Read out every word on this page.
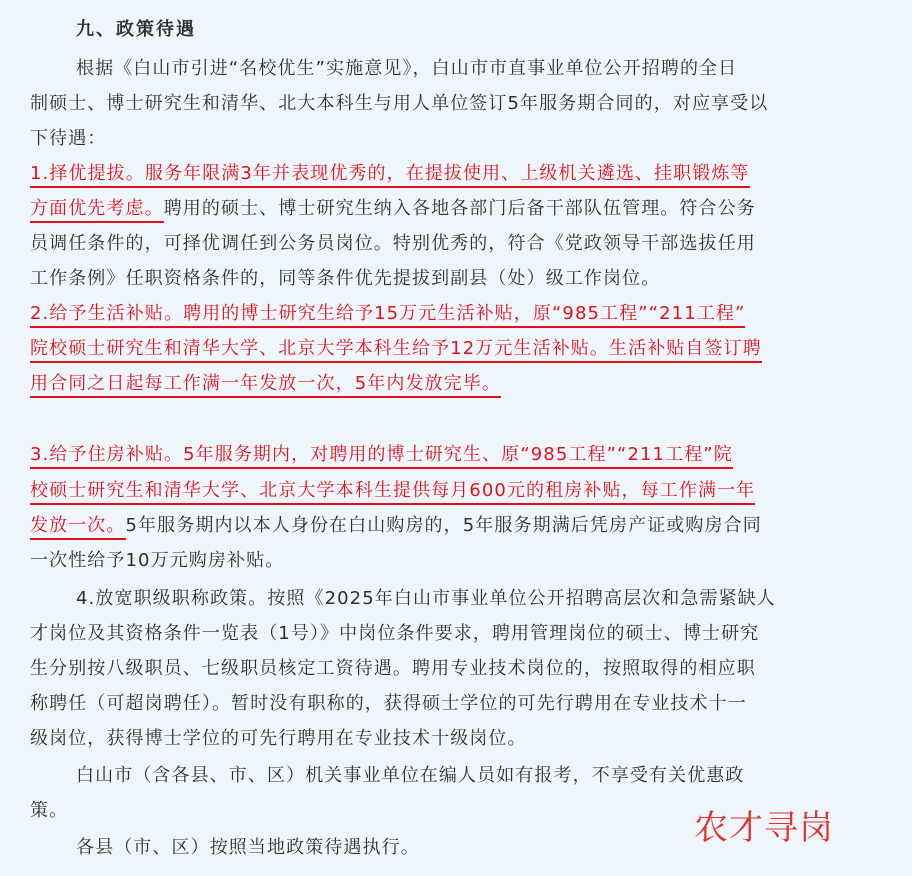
九、政策待遇
根据《白山市引进“名校优生”实施意见》，白山市市直事业单位公开招聘的全日
制硕士、博士研究生和清华、北大本科生与用人单位签订5年服务期合同的，对应享受以
下待遇：
1.择优提拔。服务年限满3年并表现优秀的，在提拔使用、上级机关遴选、挂职锻炼等
方面优先考虑。聘用的硕士、博士研究生纳入各地各部门后备干部队伍管理。符合公务
员调任条件的，可择优调任到公务员岗位。特别优秀的，符合《党政领导干部选拔任用
工作条例》任职资格条件的，同等条件优先提拔到副县（处）级工作岗位。
2.给予生活补贴。聘用的博士研究生给予15万元生活补贴，原“985工程”“211工程”
院校硕士研究生和清华大学、北京大学本科生给予12万元生活补贴。生活补贴自签订聘
用合同之日起每工作满一年发放一次，5年内发放完毕。
3.给予住房补贴。5年服务期内，对聘用的博士研究生、原“985工程”“211工程”院
校硕士研究生和清华大学、北京大学本科生提供每月600元的租房补贴，每工作满一年
发放一次。5年服务期内以本人身份在白山购房的，5年服务期满后凭房产证或购房合同
一次性给予10万元购房补贴。
4.放宽职级职称政策。按照《2025年白山市事业单位公开招聘高层次和急需紧缺人
才岗位及其资格条件一览表（1号）》中岗位条件要求，聘用管理岗位的硕士、博士研究
生分别按八级职员、七级职员核定工资待遇。聘用专业技术岗位的，按照取得的相应职
称聘任（可超岗聘任）。暂时没有职称的，获得硕士学位的可先行聘用在专业技术十一
级岗位，获得博士学位的可先行聘用在专业技术十级岗位。
白山市（含各县、市、区）机关事业单位在编人员如有报考，不享受有关优惠政
策。
各县（市、区）按照当地政策待遇执行。	农才寻岗
